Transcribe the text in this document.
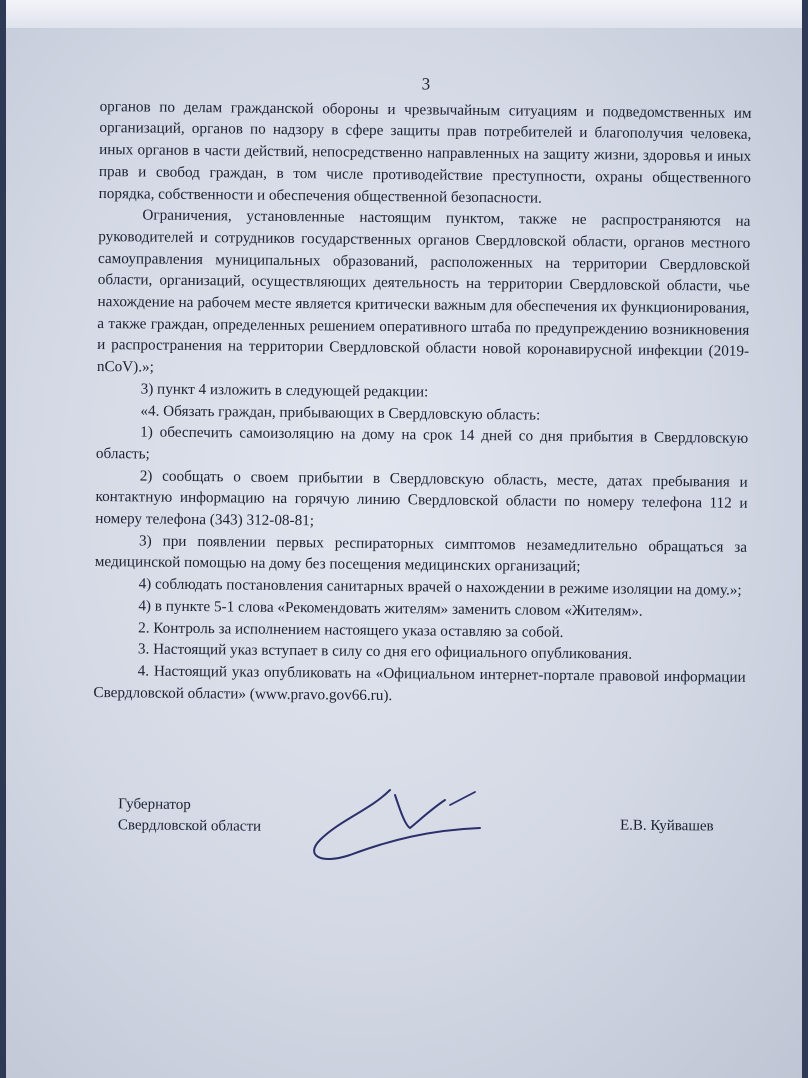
3

органов по делам гражданской обороны и чрезвычайным ситуациям и подведомственных им организаций, органов по надзору в сфере защиты прав потребителей и благополучия человека, иных органов в части действий, непосредственно направленных на защиту жизни, здоровья и иных прав и свобод граждан, в том числе противодействие преступности, охраны общественного порядка, собственности и обеспечения общественной безопасности.

Ограничения, установленные настоящим пунктом, также не распространяются на руководителей и сотрудников государственных органов Свердловской области, органов местного самоуправления муниципальных образований, расположенных на территории Свердловской области, организаций, осуществляющих деятельность на территории Свердловской области, чье нахождение на рабочем месте является критически важным для обеспечения их функционирования, а также граждан, определенных решением оперативного штаба по предупреждению возникновения и распространения на территории Свердловской области новой коронавирусной инфекции (2019-nCoV).»;

3) пункт 4 изложить в следующей редакции:

«4. Обязать граждан, прибывающих в Свердловскую область:

1) обеспечить самоизоляцию на дому на срок 14 дней со дня прибытия в Свердловскую область;

2) сообщать о своем прибытии в Свердловскую область, месте, датах пребывания и контактную информацию на горячую линию Свердловской области по номеру телефона 112 и номеру телефона (343) 312-08-81;

3) при появлении первых респираторных симптомов незамедлительно обращаться за медицинской помощью на дому без посещения медицинских организаций;

4) соблюдать постановления санитарных врачей о нахождении в режиме изоляции на дому.»;

4) в пункте 5-1 слова «Рекомендовать жителям» заменить словом «Жителям».

2. Контроль за исполнением настоящего указа оставляю за собой.

3. Настоящий указ вступает в силу со дня его официального опубликования.

4. Настоящий указ опубликовать на «Официальном интернет-портале правовой информации Свердловской области» (www.pravo.gov66.ru).

Губернатор
Свердловской области	Е.В. Куйвашев
